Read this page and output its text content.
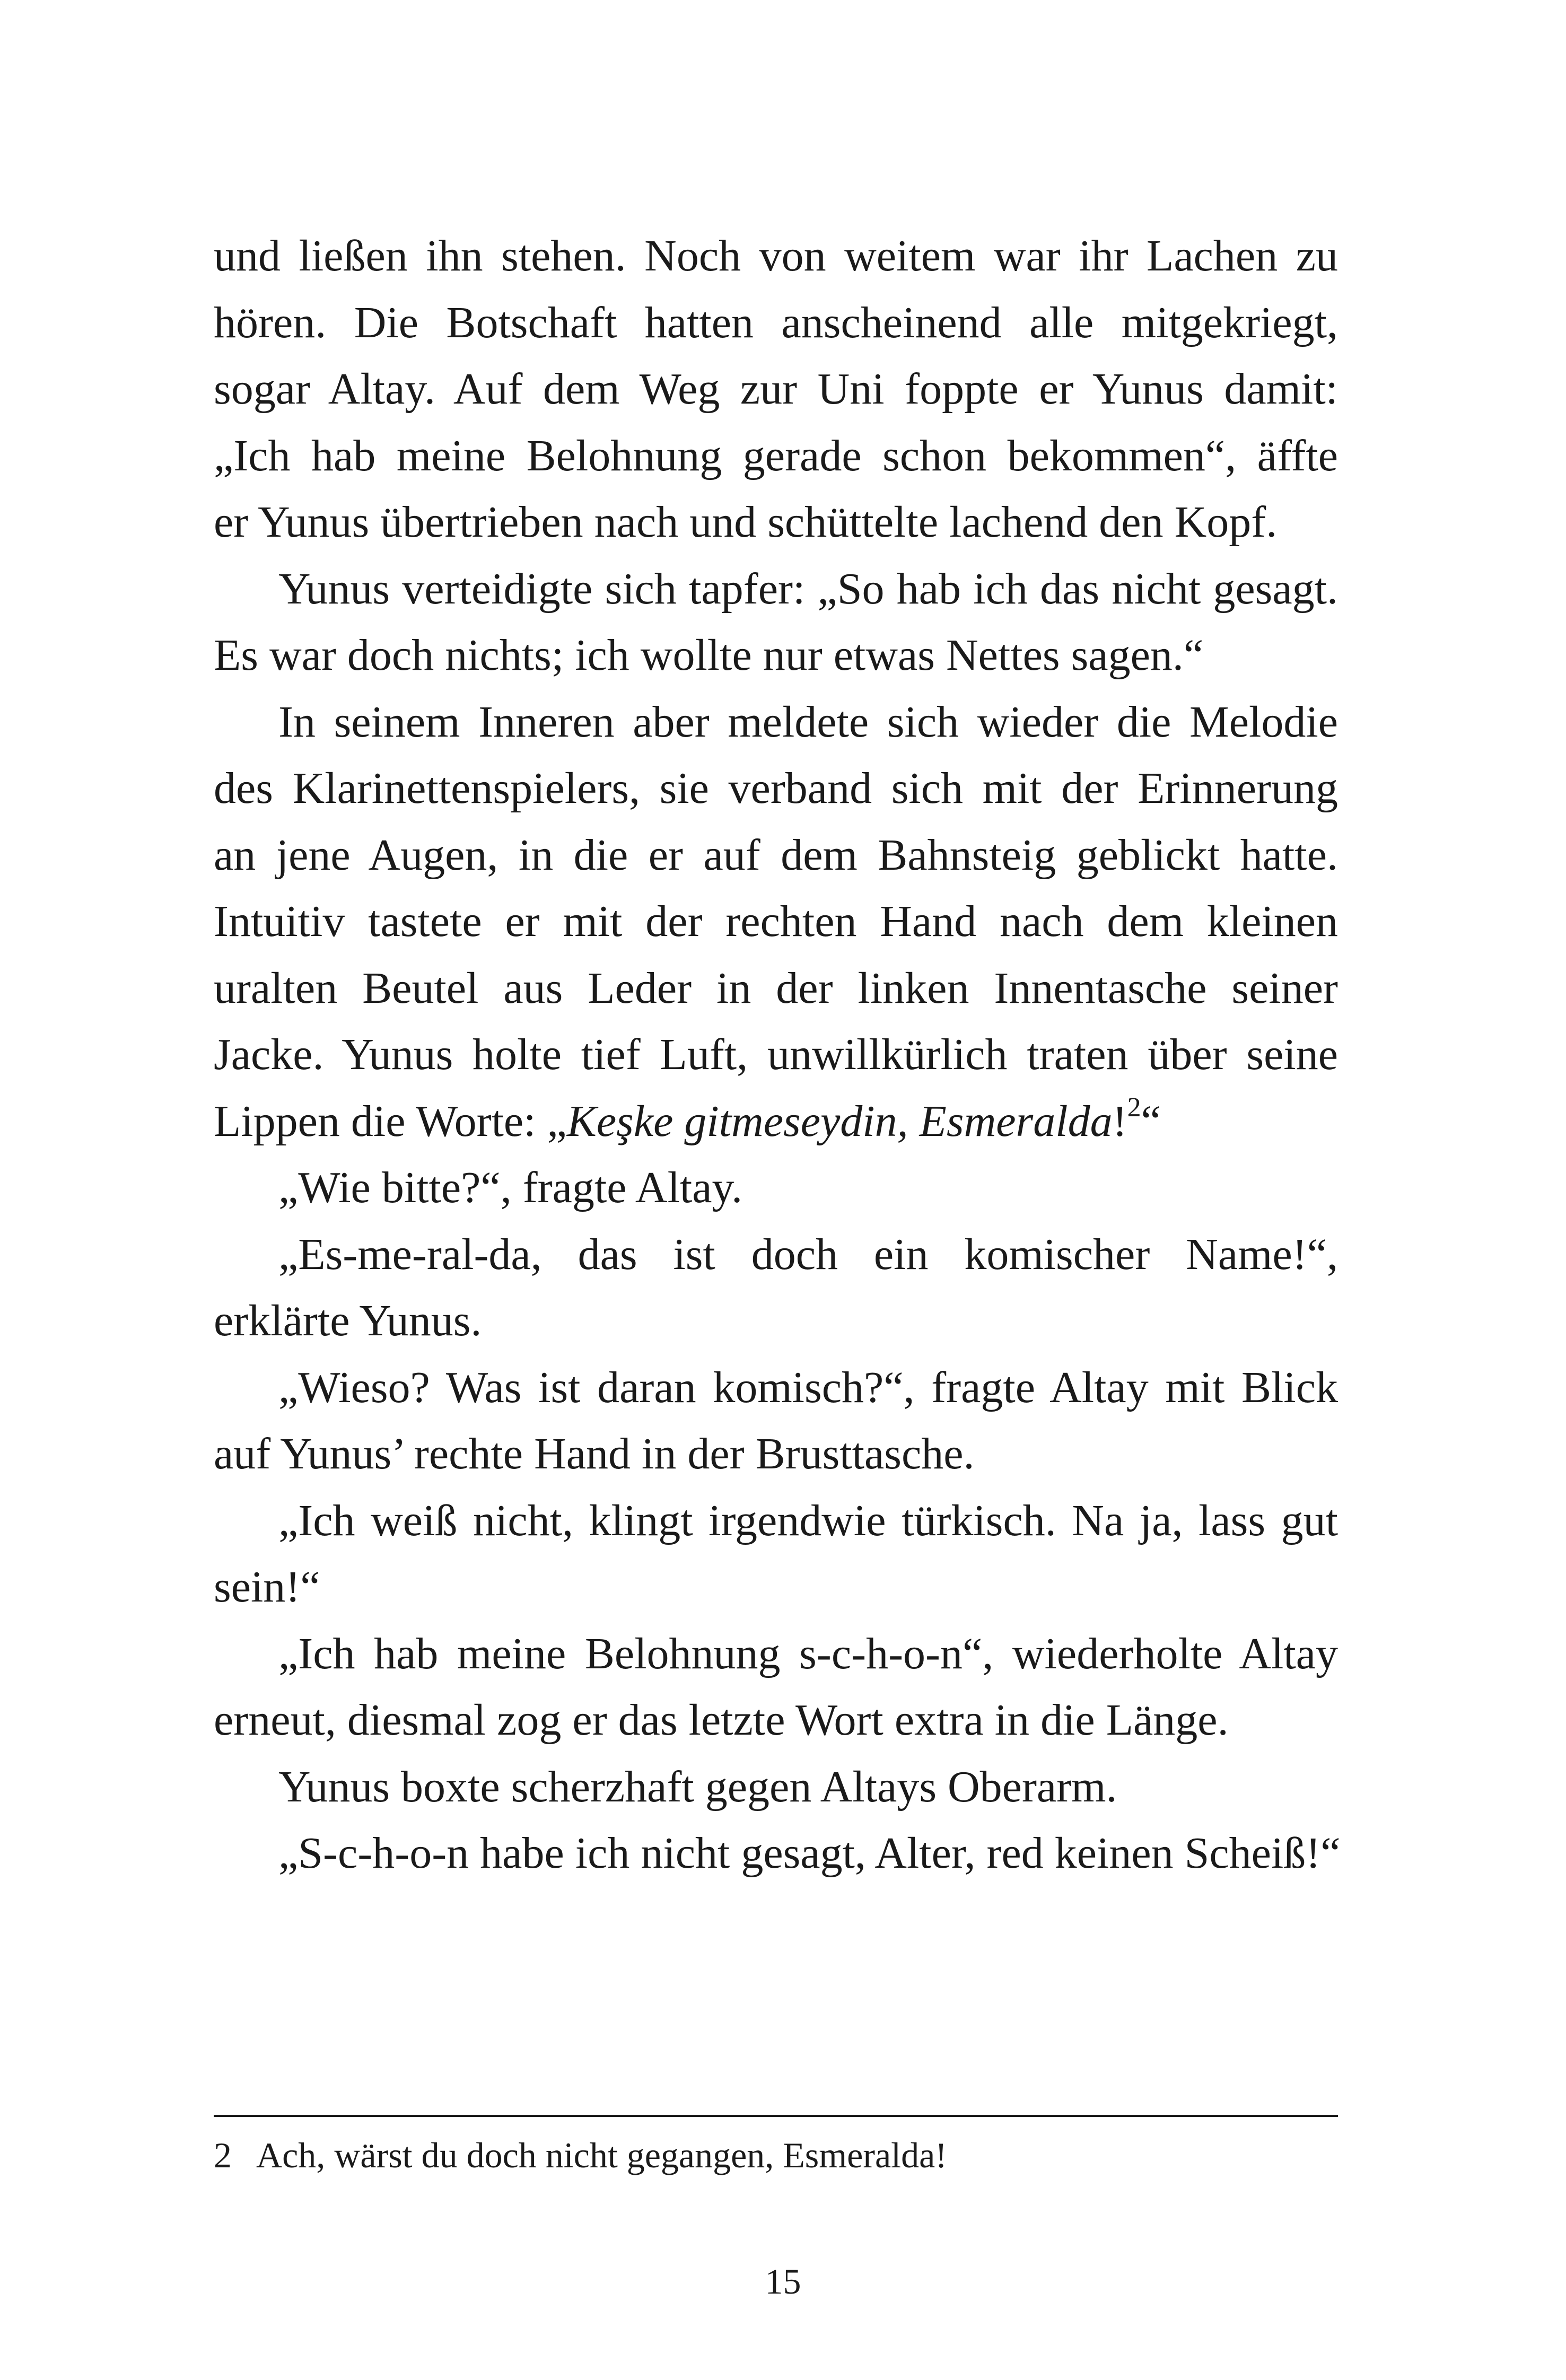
und ließen ihn stehen. Noch von weitem war ihr Lachen zu
hören. Die Botschaft hatten anscheinend alle mitgekriegt,
sogar Altay. Auf dem Weg zur Uni foppte er Yunus damit:
„Ich hab meine Belohnung gerade schon bekommen“, äffte
er Yunus übertrieben nach und schüttelte lachend den Kopf.
Yunus verteidigte sich tapfer: „So hab ich das nicht gesagt.
Es war doch nichts; ich wollte nur etwas Nettes sagen.“
In seinem Inneren aber meldete sich wieder die Melodie
des Klarinettenspielers, sie verband sich mit der Erinnerung
an jene Augen, in die er auf dem Bahnsteig geblickt hatte.
Intuitiv tastete er mit der rechten Hand nach dem kleinen
uralten Beutel aus Leder in der linken Innentasche seiner
Jacke. Yunus holte tief Luft, unwillkürlich traten über seine
Lippen die Worte: „Keşke gitmeseydin, Esmeralda!$^2$“
„Wie bitte?“, fragte Altay.
„Es-me-ral-da, das ist doch ein komischer Name!“,
erklärte Yunus.
„Wieso? Was ist daran komisch?“, fragte Altay mit Blick
auf Yunus’ rechte Hand in der Brusttasche.
„Ich weiß nicht, klingt irgendwie türkisch. Na ja, lass gut
sein!“
„Ich hab meine Belohnung s-c-h-o-n“, wiederholte Altay
erneut, diesmal zog er das letzte Wort extra in die Länge.
Yunus boxte scherzhaft gegen Altays Oberarm.
„S-c-h-o-n habe ich nicht gesagt, Alter, red keinen Scheiß!“
2 Ach, wärst du doch nicht gegangen, Esmeralda!
15
